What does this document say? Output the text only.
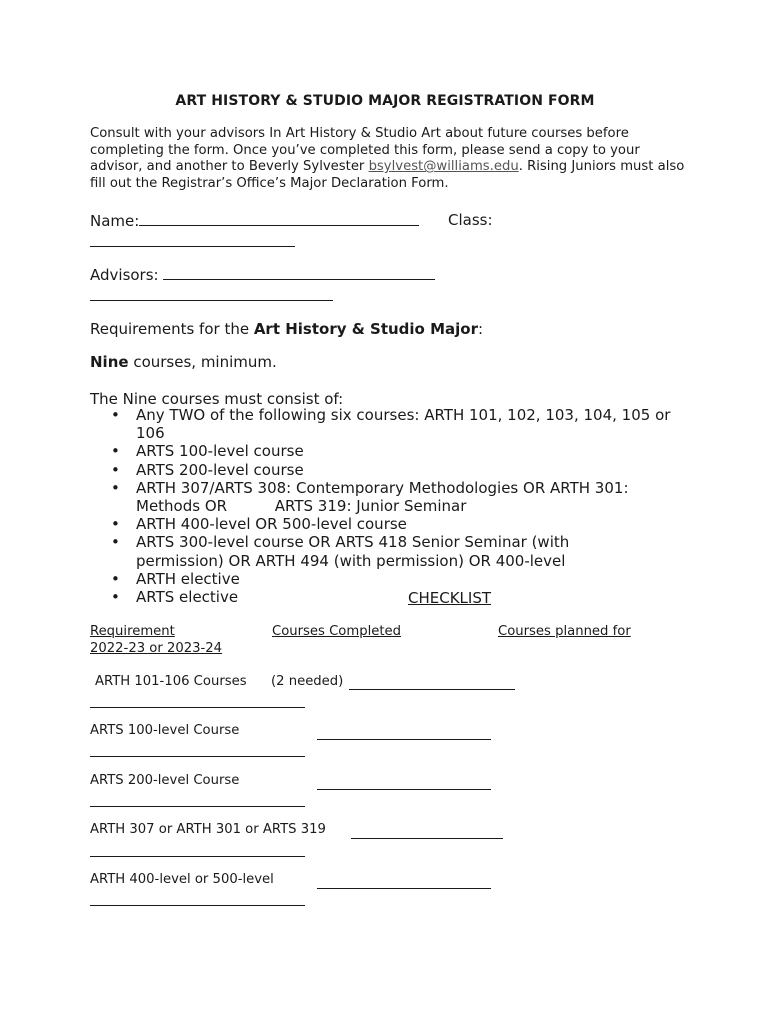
ART HISTORY & STUDIO MAJOR REGISTRATION FORM
Consult with your advisors In Art History & Studio Art about future courses before completing the form. Once you’ve completed this form, please send a copy to your advisor, and another to Beverly Sylvester bsylvest@williams.edu. Rising Juniors must also fill out the Registrar’s Office’s Major Declaration Form.
Name:	Class:
Advisors:
Requirements for the Art History & Studio Major:
Nine courses, minimum.
The Nine courses must consist of:
• Any TWO of the following six courses: ARTH 101, 102, 103, 104, 105 or 106
• ARTS 100-level course
• ARTS 200-level course
• ARTH 307/ARTS 308: Contemporary Methodologies OR ARTH 301: Methods OR	ARTS 319: Junior Seminar
• ARTH 400-level OR 500-level course
• ARTS 300-level course OR ARTS 418 Senior Seminar (with permission) OR ARTH 494 (with permission) OR 400-level
• ARTH elective
• ARTS elective	CHECKLIST
Requirement	Courses Completed	Courses planned for
2022-23 or 2023-24
ARTH 101-106 Courses (2 needed)
ARTS 100-level Course
ARTS 200-level Course
ARTH 307 or ARTH 301 or ARTS 319
ARTH 400-level or 500-level
